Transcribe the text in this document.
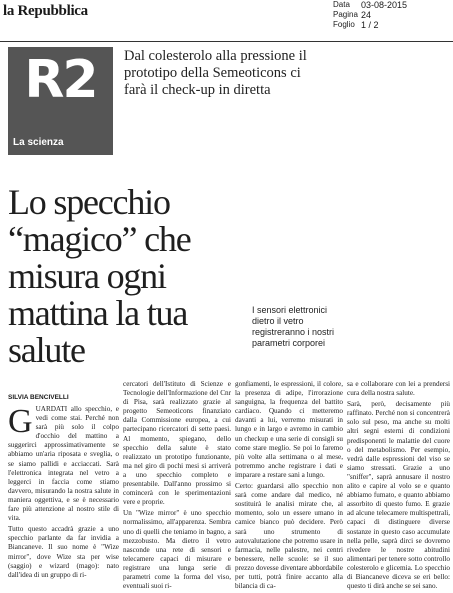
la Repubblica	Data	03-08-2015
Pagina 24
Foglio 1 / 2
R2
La scienza
Dal colesterolo alla pressione il prototipo della Semeoticons ci farà il check-up in diretta
Lo specchio “magico” che misura ogni mattina la tua salute
I sensori elettronici dietro il vetro registreranno i nostri parametri corporei
SILVIA BENCIVELLI

GUARDATI allo specchio, e vedi come stai. Perché non sarà più solo il colpo d'occhio del mattino a suggerirci approssimativamente se abbiamo un'aria riposata e sveglia, o se siamo pallidi e acciaccati. Sarà l'elettronica integrata nel vetro a leggerci in faccia come stiamo davvero, misurando la nostra salute in maniera oggettiva, e se è necessario fare più attenzione al nostro stile di vita.

Tutto questo accadrà grazie a uno specchio parlante da far invidia a Biancaneve. Il suo nome è "Wize mirror", dove Wize sta per wise (saggio) e wizard (mago): nato dall'idea di un gruppo di ri-

cercatori dell'Istituto di Scienze e Tecnologie dell'Informazione del Cnr di Pisa, sarà realizzato grazie al progetto Semeoticons finanziato dalla Commissione europea, a cui partecipano ricercatori di sette paesi. Al momento, spiegano, dello specchio della salute è stato realizzato un prototipo funzionante, ma nel giro di pochi mesi si arriverà a uno specchio completo e presentabile. Dall'anno prossimo si comincerà con le sperimentazioni vere e proprie.

Un "Wize mirror" è uno specchio normalissimo, all'apparenza. Sembra uno di quelli che teniamo in bagno, a mezzobusto. Ma dietro il vetro nasconde una rete di sensori e telecamere capaci di misurare e registrare una lunga serie di parametri come la forma del viso, eventuali suoi ri-

gonfiamenti, le espressioni, il colore, la presenza di adipe, l'irrorazione sanguigna, la frequenza del battito cardiaco. Quando ci metteremo davanti a lui, verremo misurati in lungo e in largo e avremo in cambio un checkup e una serie di consigli su come stare meglio. Se poi lo faremo più volte alla settimana o al mese, potremmo anche registrare i dati e imparare a restare sani a lungo.

Certo: guardarsi allo specchio non sarà come andare dal medico, né sostituirà le analisi mirate che, al momento, solo un essere umano in camice bianco può decidere. Però sarà uno strumento di autovalutazione che potremo usare in farmacia, nelle palestre, nei centri benessere, nelle scuole: se il suo prezzo dovesse diventare abbordabile per tutti, potrà finire accanto alla bilancia di ca-

sa e collaborare con lei a prendersi cura della nostra salute.

Sarà, però, decisamente più raffinato. Perché non si concentrerà solo sul peso, ma anche su molti altri segni esterni di condizioni predisponenti le malattie del cuore o del metabolismo. Per esempio, vedrà dalle espressioni del viso se siamo stressati. Grazie a uno "sniffer", saprà annusare il nostro alito e capire al volo se e quanto abbiamo fumato, e quanto abbiamo assorbito di questo fumo. E grazie ad alcune telecamere multispettrali, capaci di distinguere diverse sostanze in questo caso accumulate nella pelle, saprà dirci se dovremo rivedere le nostre abitudini alimentari per tenere sotto controllo colesterolo e glicemia. Lo specchio di Biancaneve diceva se eri bello: questo ti dirà anche se sei sano.
